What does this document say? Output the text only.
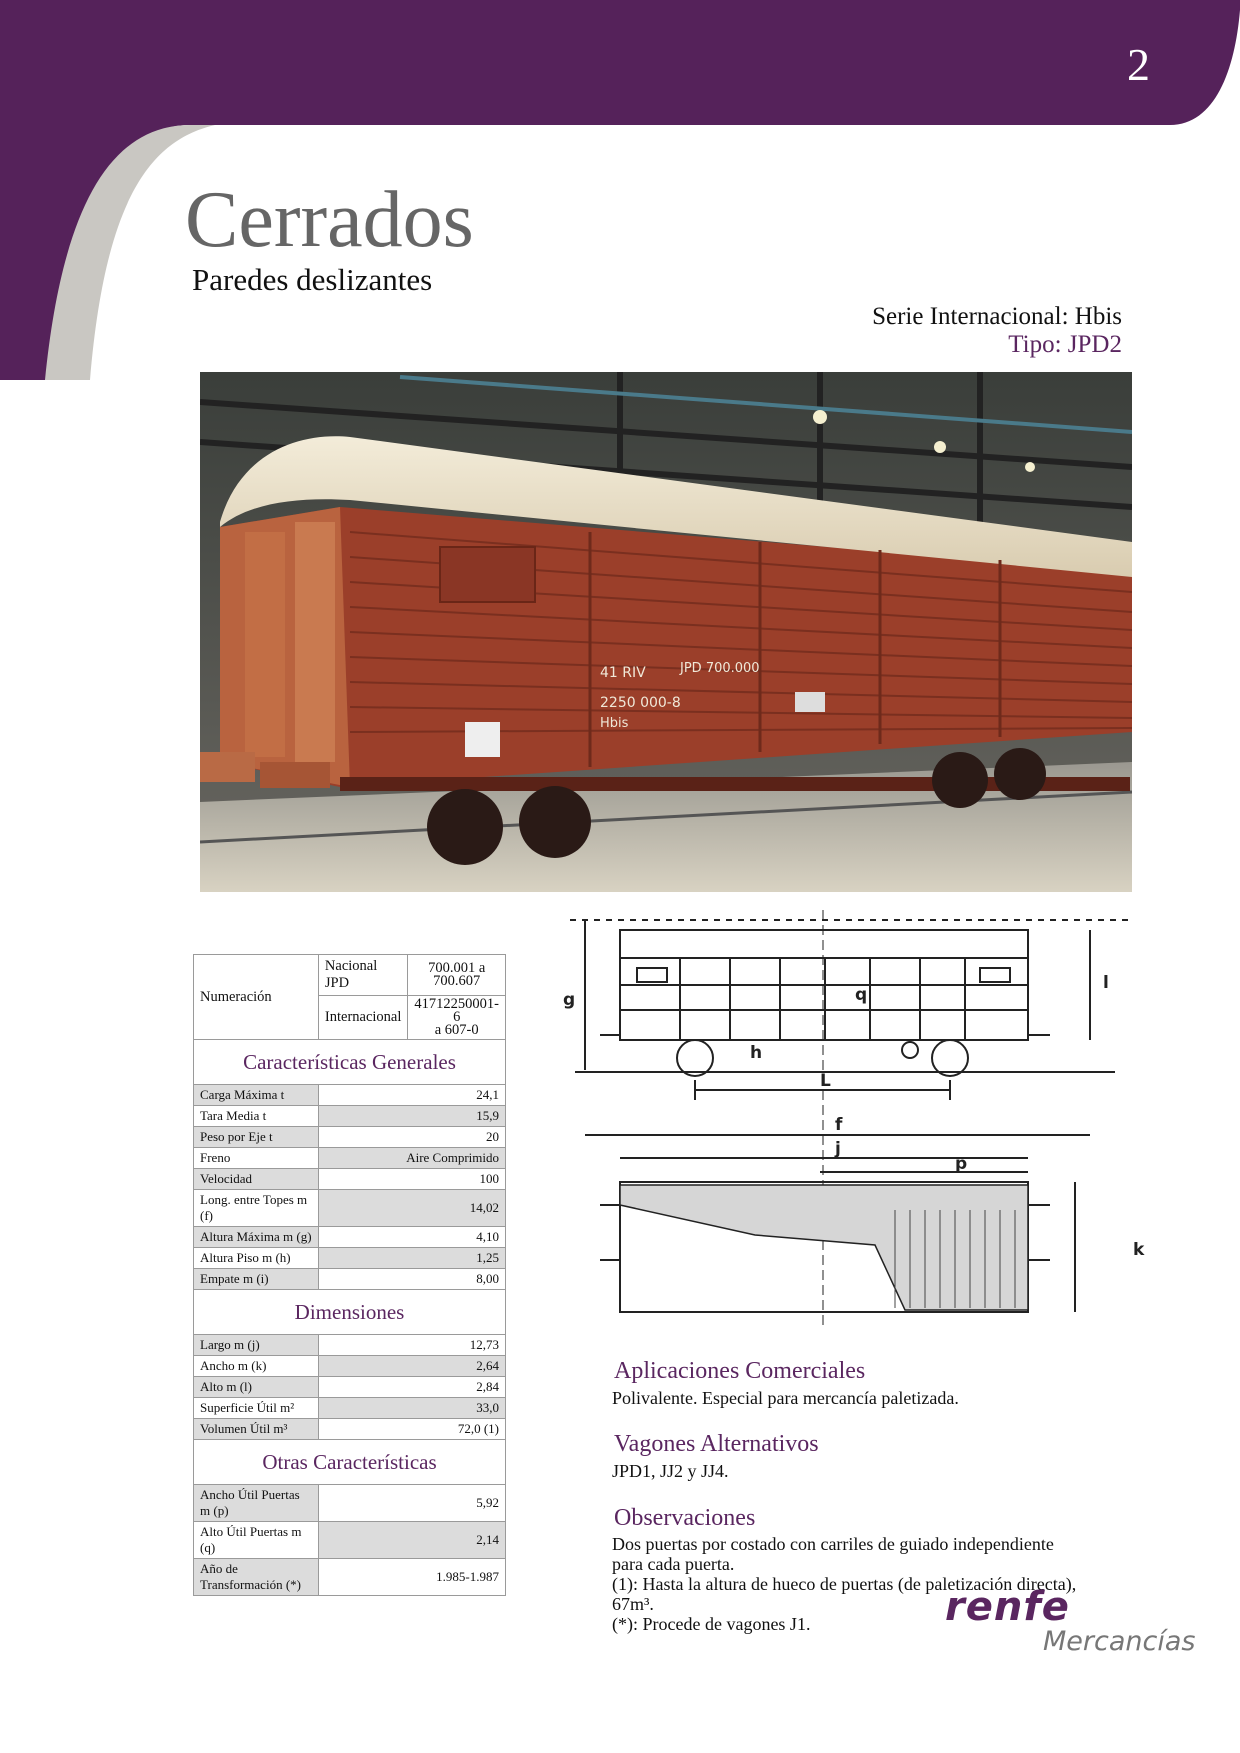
2
Cerrados
Paredes deslizantes
Serie Internacional: Hbis
Tipo: JPD2
41 RIV
2250 000-8
Hbis
JPD 700.000
Numeración	Nacional JPD	700.001 a
700.607
	Internacional	41712250001-6
a 607-0
Características Generales		
Carga Máxima t	24,1	
Tara Media t	15,9	
Peso por Eje t	20	
Freno	Aire Comprimido	
Velocidad	100	
Long. entre Topes m (f)	14,02	
Altura Máxima m (g)	4,10	
Altura Piso m (h)	1,25	
Empate m (i)	8,00	
Dimensiones		
Largo m (j)	12,73	
Ancho m (k)	2,64	
Alto m (l)	2,84	
Superficie Útil m²	33,0	
Volumen Útil m³	72,0 (1)	
Otras Características		
Ancho Útil Puertas m (p)	5,92	
Alto Útil Puertas m (q)	2,14	
Año de Transformación (*)	1.985-1.987	
g	q
l
h
L
f
j
p
k
Aplicaciones Comerciales
Polivalente. Especial para mercancía paletizada.
Vagones Alternativos
JPD1, JJ2 y JJ4.
Observaciones
Dos puertas por costado con carriles de guiado independiente
para cada puerta.
(1): Hasta la altura de hueco de puertas (de paletización directa),
67m³.
(*): Procede de vagones J1.	renfe
Mercancías
